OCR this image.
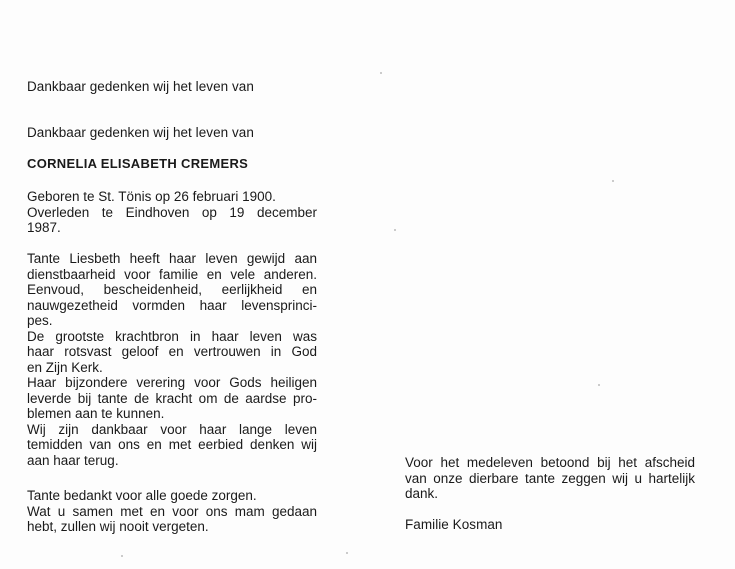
Dankbaar gedenken wij het leven van
Dankbaar gedenken wij het leven van
CORNELIA ELISABETH CREMERS
Geboren te St. Tönis op 26 februari 1900.
Overleden te Eindhoven op 19 december
1987.
Tante Liesbeth heeft haar leven gewijd aan
dienstbaarheid voor familie en vele anderen.
Eenvoud, bescheidenheid, eerlijkheid en
nauwgezetheid vormden haar levensprinci-
pes.
De grootste krachtbron in haar leven was
haar rotsvast geloof en vertrouwen in God
en Zijn Kerk.
Haar bijzondere verering voor Gods heiligen
leverde bij tante de kracht om de aardse pro-
blemen aan te kunnen.
Wij zijn dankbaar voor haar lange leven
temidden van ons en met eerbied denken wij
aan haar terug.
Tante bedankt voor alle goede zorgen.
Wat u samen met en voor ons mam gedaan
hebt, zullen wij nooit vergeten.
Voor het medeleven betoond bij het afscheid
van onze dierbare tante zeggen wij u hartelijk
dank.
Familie Kosman
